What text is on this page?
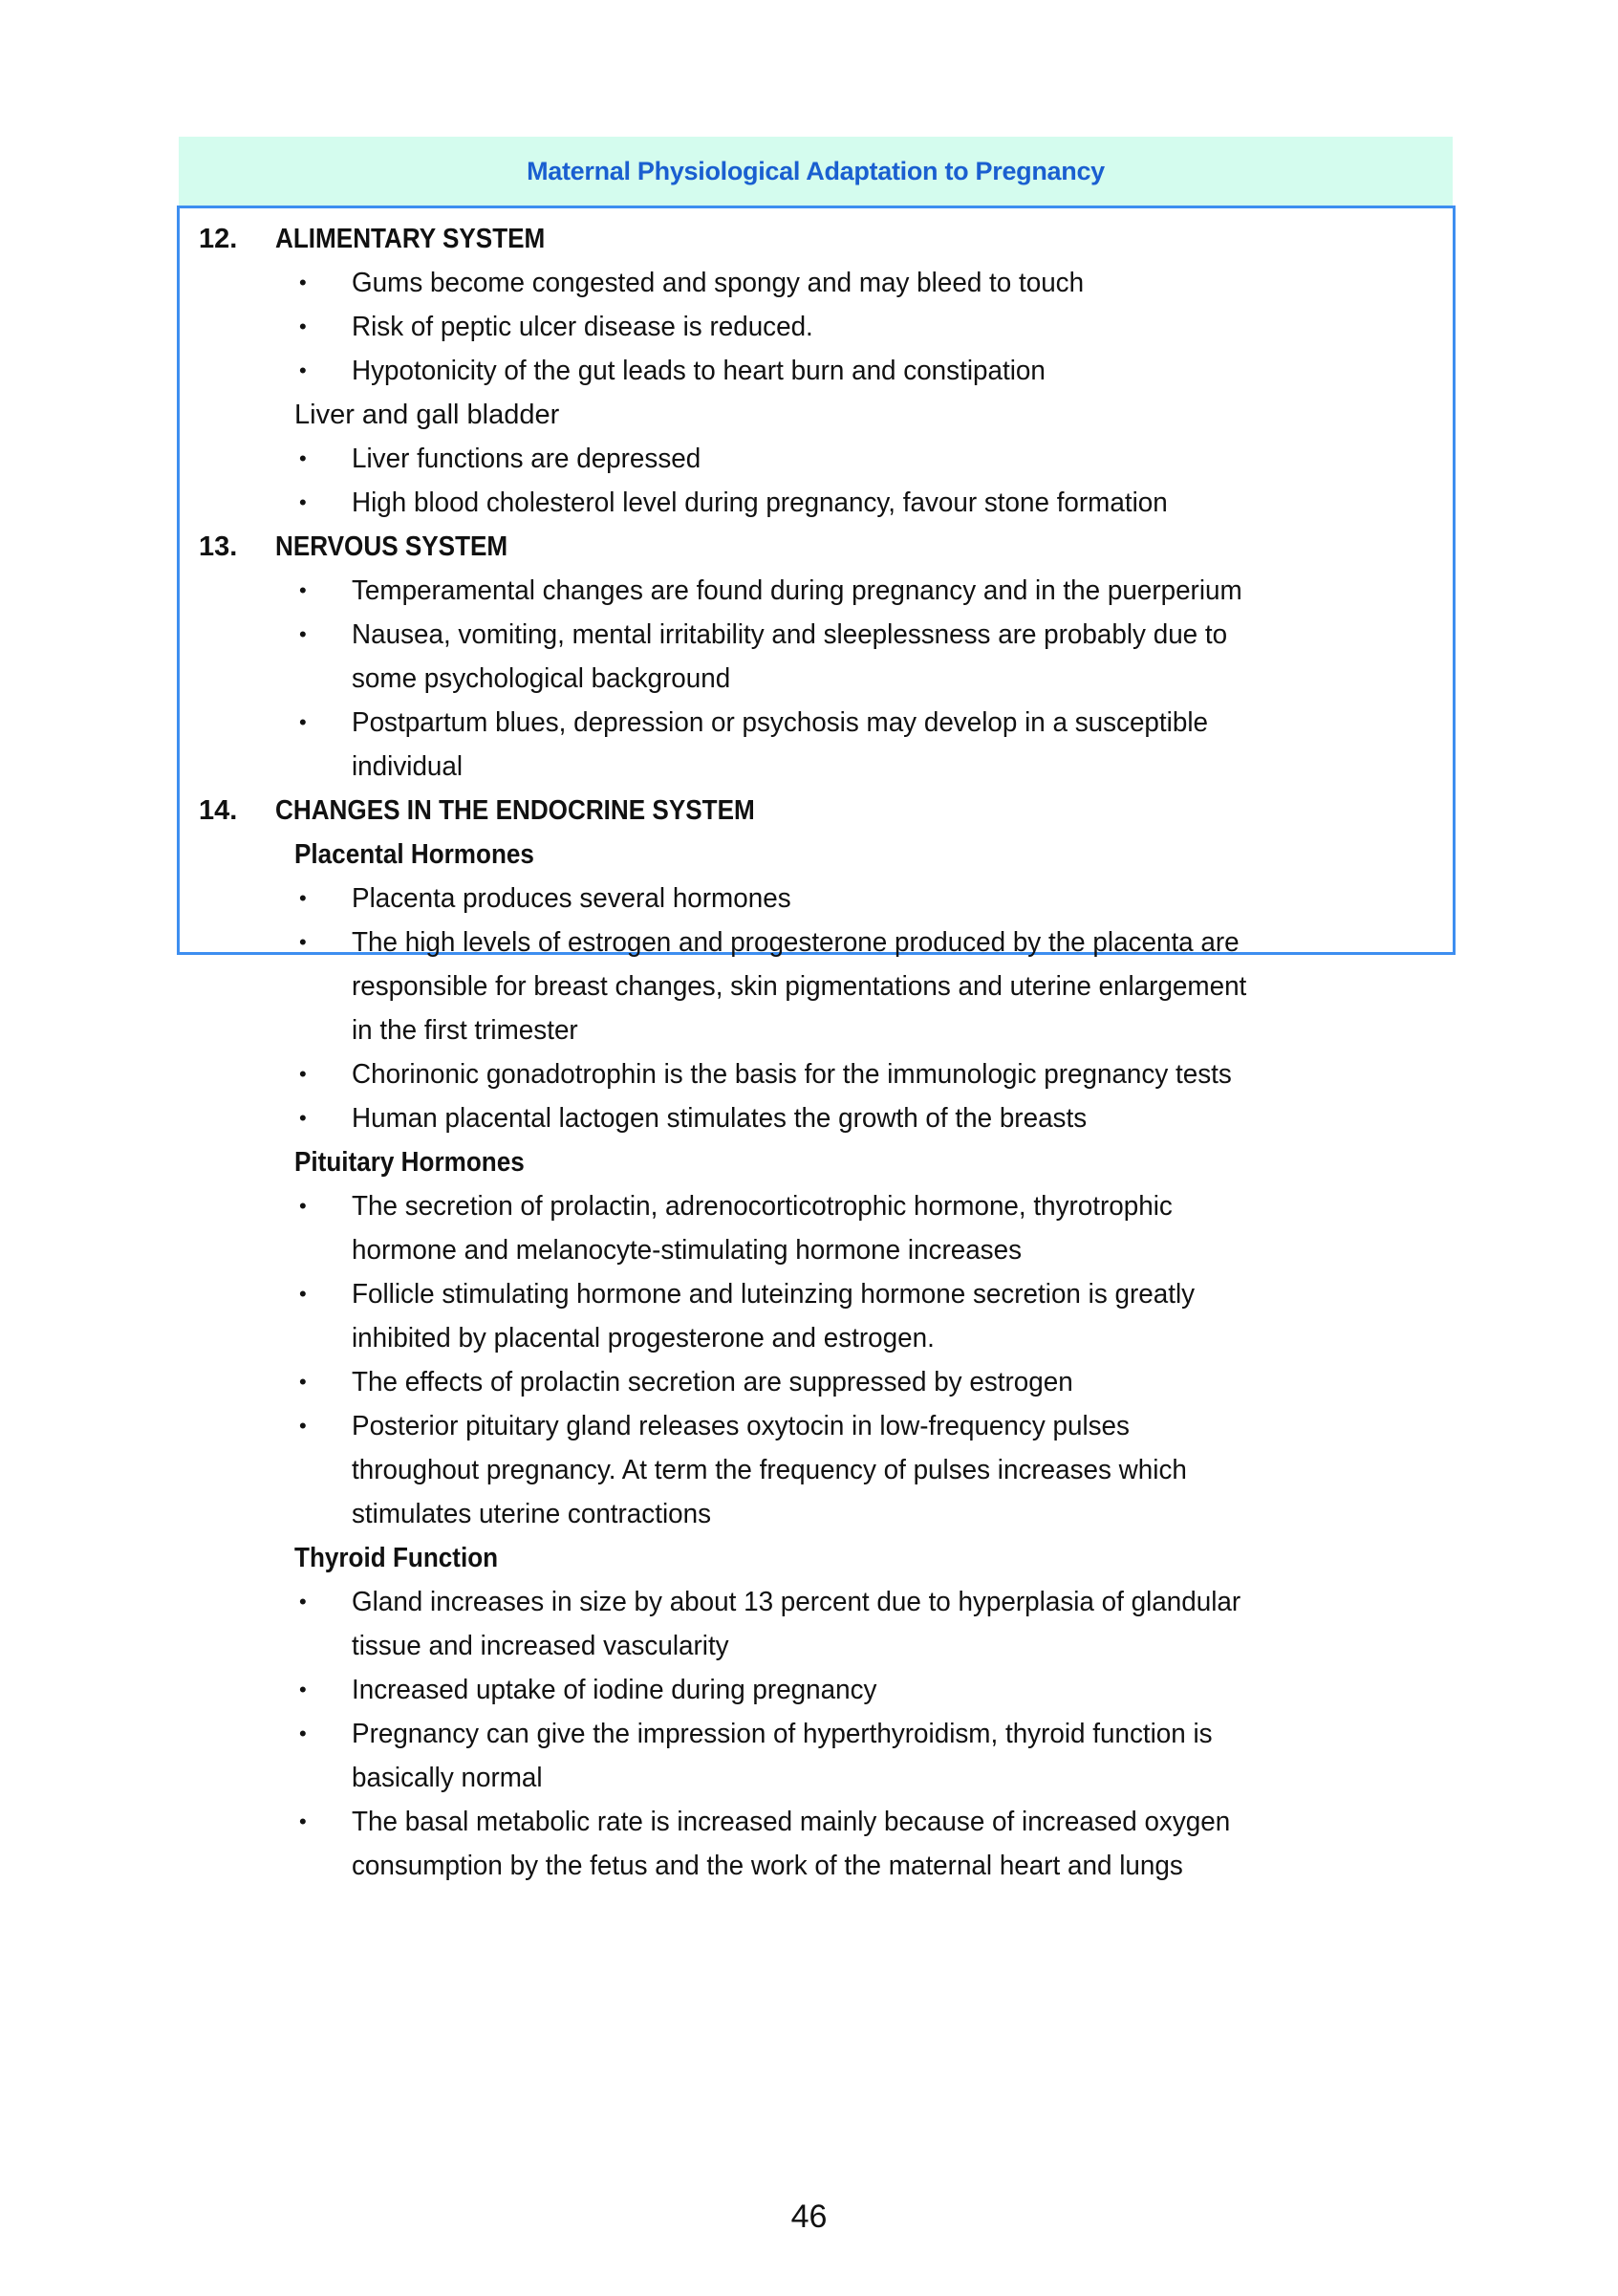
Maternal Physiological Adaptation to Pregnancy
12. ALIMENTARY SYSTEM
• Gums become congested and spongy and may bleed to touch
• Risk of peptic ulcer disease is reduced.
• Hypotonicity of the gut leads to heart burn and constipation
Liver and gall bladder
• Liver functions are depressed
• High blood cholesterol level during pregnancy, favour stone formation
13. NERVOUS SYSTEM
• Temperamental changes are found during pregnancy and in the puerperium
• Nausea, vomiting, mental irritability and sleeplessness are probably due to
some psychological background
• Postpartum blues, depression or psychosis may develop in a susceptible
individual
14. CHANGES IN THE ENDOCRINE SYSTEM
Placental Hormones
• Placenta produces several hormones
• The high levels of estrogen and progesterone produced by the placenta are
responsible for breast changes, skin pigmentations and uterine enlargement
in the first trimester
• Chorinonic gonadotrophin is the basis for the immunologic pregnancy tests
• Human placental lactogen stimulates the growth of the breasts
Pituitary Hormones
• The secretion of prolactin, adrenocorticotrophic hormone, thyrotrophic
hormone and melanocyte-stimulating hormone increases
• Follicle stimulating hormone and luteinzing hormone secretion is greatly
inhibited by placental progesterone and estrogen.
• The effects of prolactin secretion are suppressed by estrogen
• Posterior pituitary gland releases oxytocin in low-frequency pulses
throughout pregnancy. At term the frequency of pulses increases which
stimulates uterine contractions
Thyroid Function
• Gland increases in size by about 13 percent due to hyperplasia of glandular
tissue and increased vascularity
• Increased uptake of iodine during pregnancy
• Pregnancy can give the impression of hyperthyroidism, thyroid function is
basically normal
• The basal metabolic rate is increased mainly because of increased oxygen
consumption by the fetus and the work of the maternal heart and lungs
46
